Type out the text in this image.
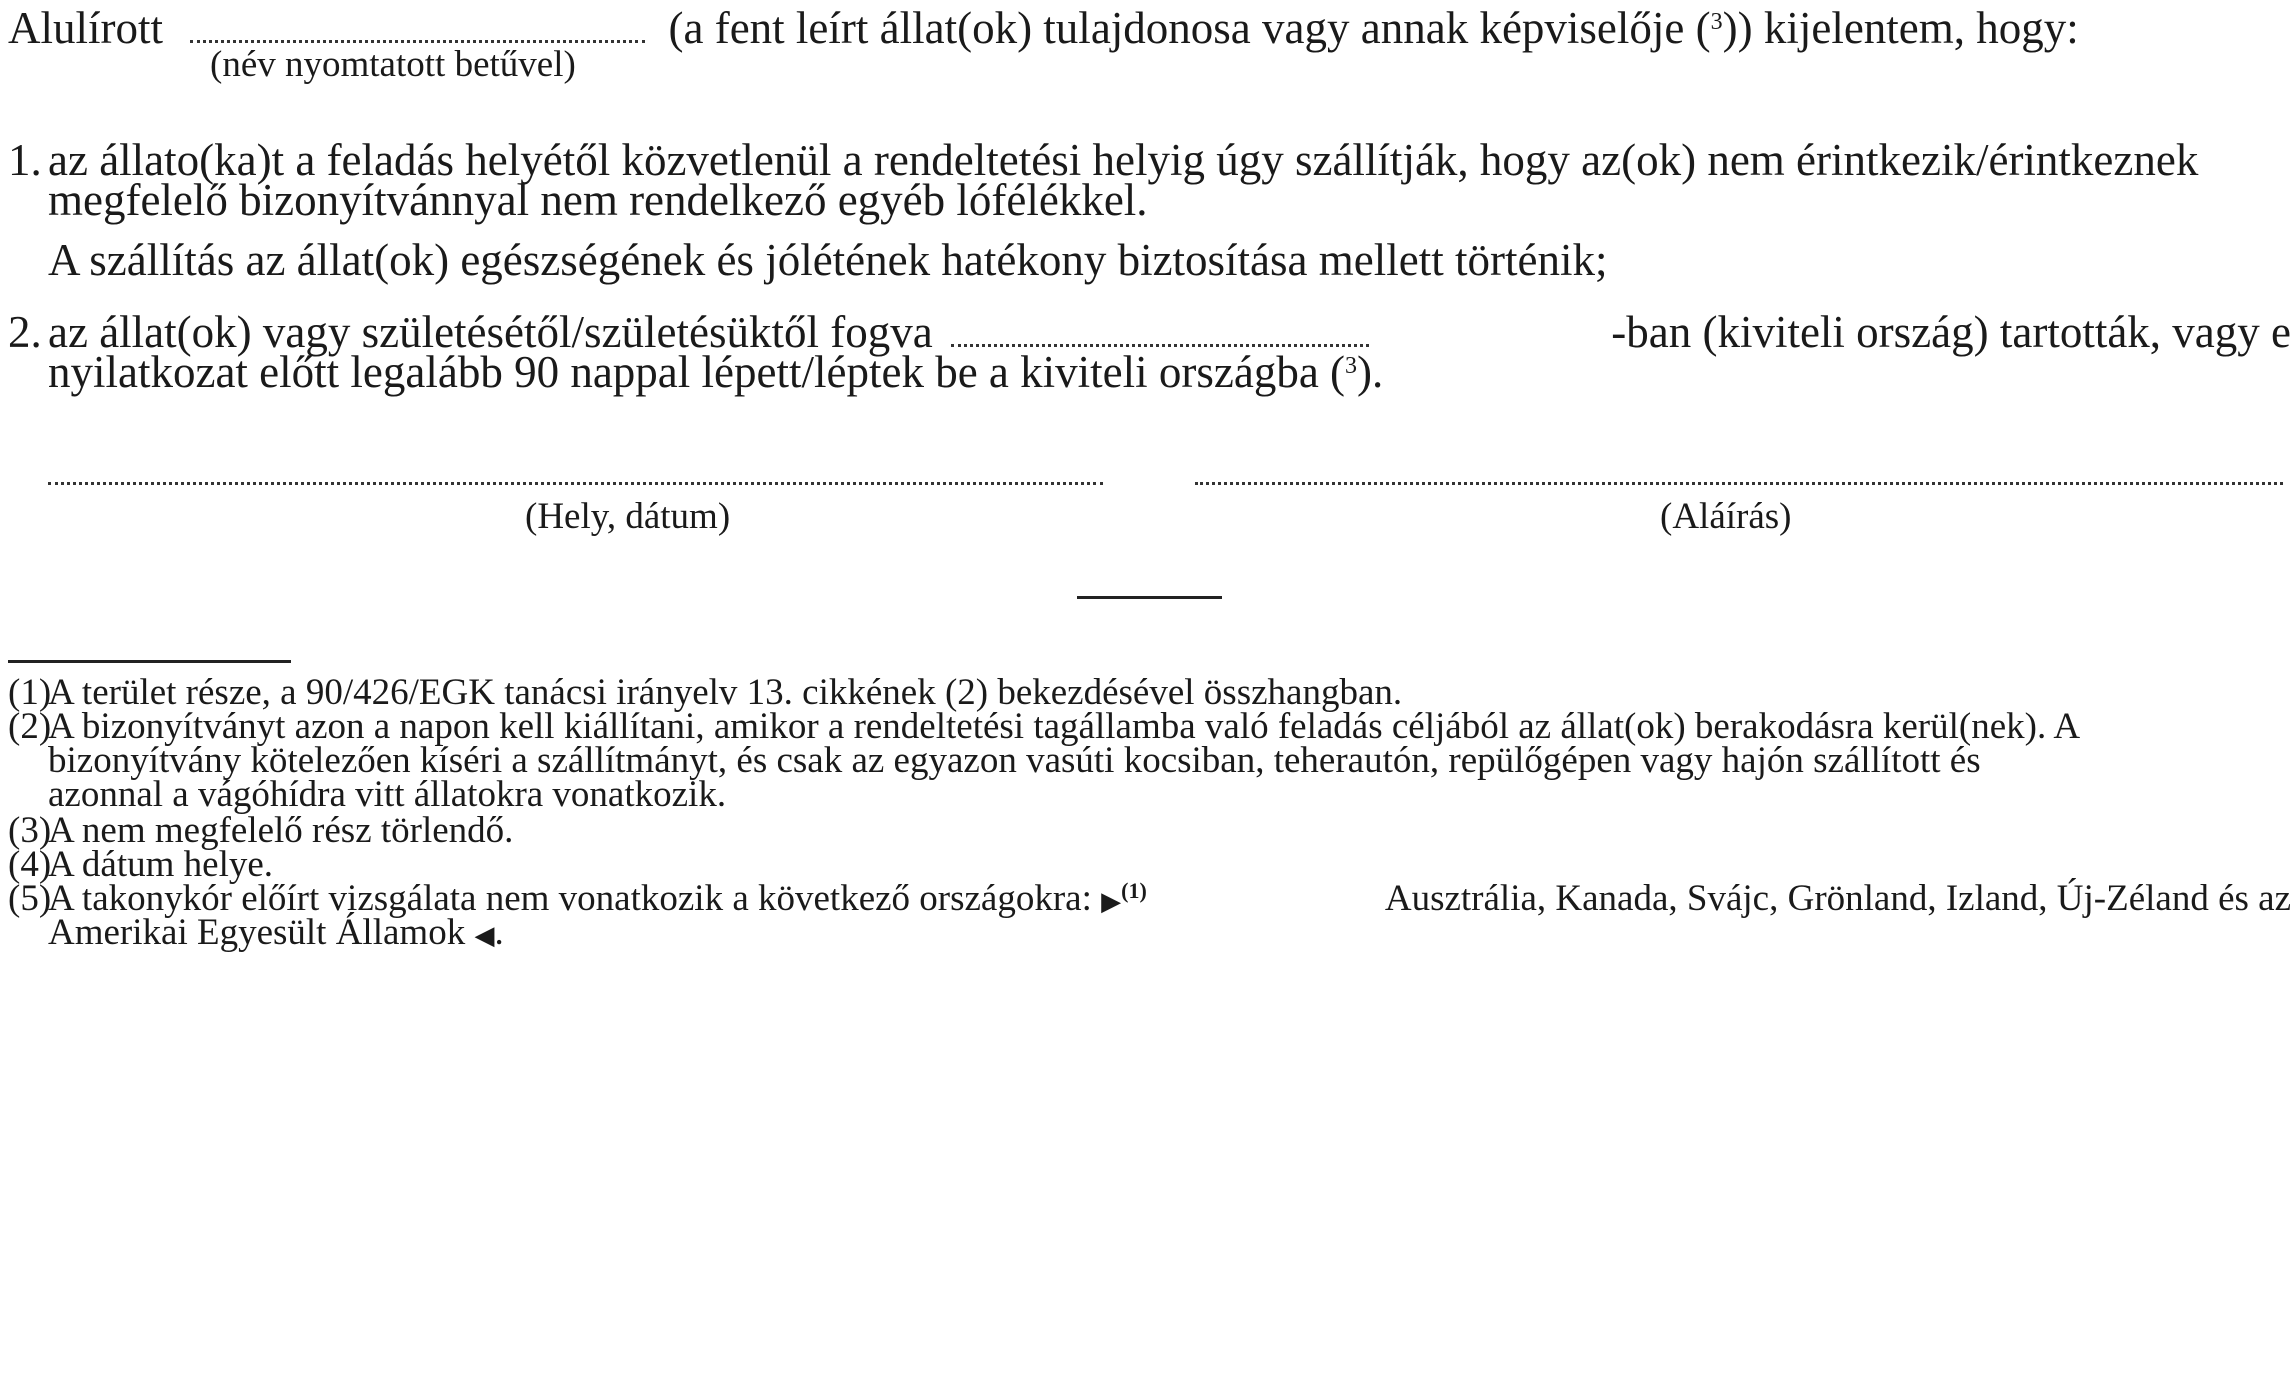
Alulírott	(a fent leírt állat(ok) tulajdonosa vagy annak képviselője ($^3$)) kijelentem, hogy:
(név nyomtatott betűvel)
1. az állato(ka)t a feladás helyétől közvetlenül a rendeltetési helyig úgy szállítják, hogy az(ok) nem érintkezik/érintkeznek
megfelelő bizonyítvánnyal nem rendelkező egyéb lófélékkel.
A szállítás az állat(ok) egészségének és jólétének hatékony biztosítása mellett történik;
2. az állat(ok) vagy születésétől/születésüktől fogva	-ban (kiviteli ország) tartották, vagy e
nyilatkozat előtt legalább 90 nappal lépett/léptek be a kiviteli országba ($^3$).
(Hely, dátum)	(Aláírás)
(1)
A terület része, a 90/426/EGK tanácsi irányelv 13. cikkének (2) bekezdésével összhangban.
(2)
A bizonyítványt azon a napon kell kiállítani, amikor a rendeltetési tagállamba való feladás céljából az állat(ok) berakodásra kerül(nek). A
bizonyítvány kötelezően kíséri a szállítmányt, és csak az egyazon vasúti kocsiban, teherautón, repülőgépen vagy hajón szállított és
azonnal a vágóhídra vitt állatokra vonatkozik.
(3)
A nem megfelelő rész törlendő.
(4)
A dátum helye.
(5)
A takonykór előírt vizsgálata nem vonatkozik a következő országokra: ▶ (1)	Ausztrália, Kanada, Svájc, Grönland, Izland, Új-Zéland és az
Amerikai Egyesült Államok ◀.
